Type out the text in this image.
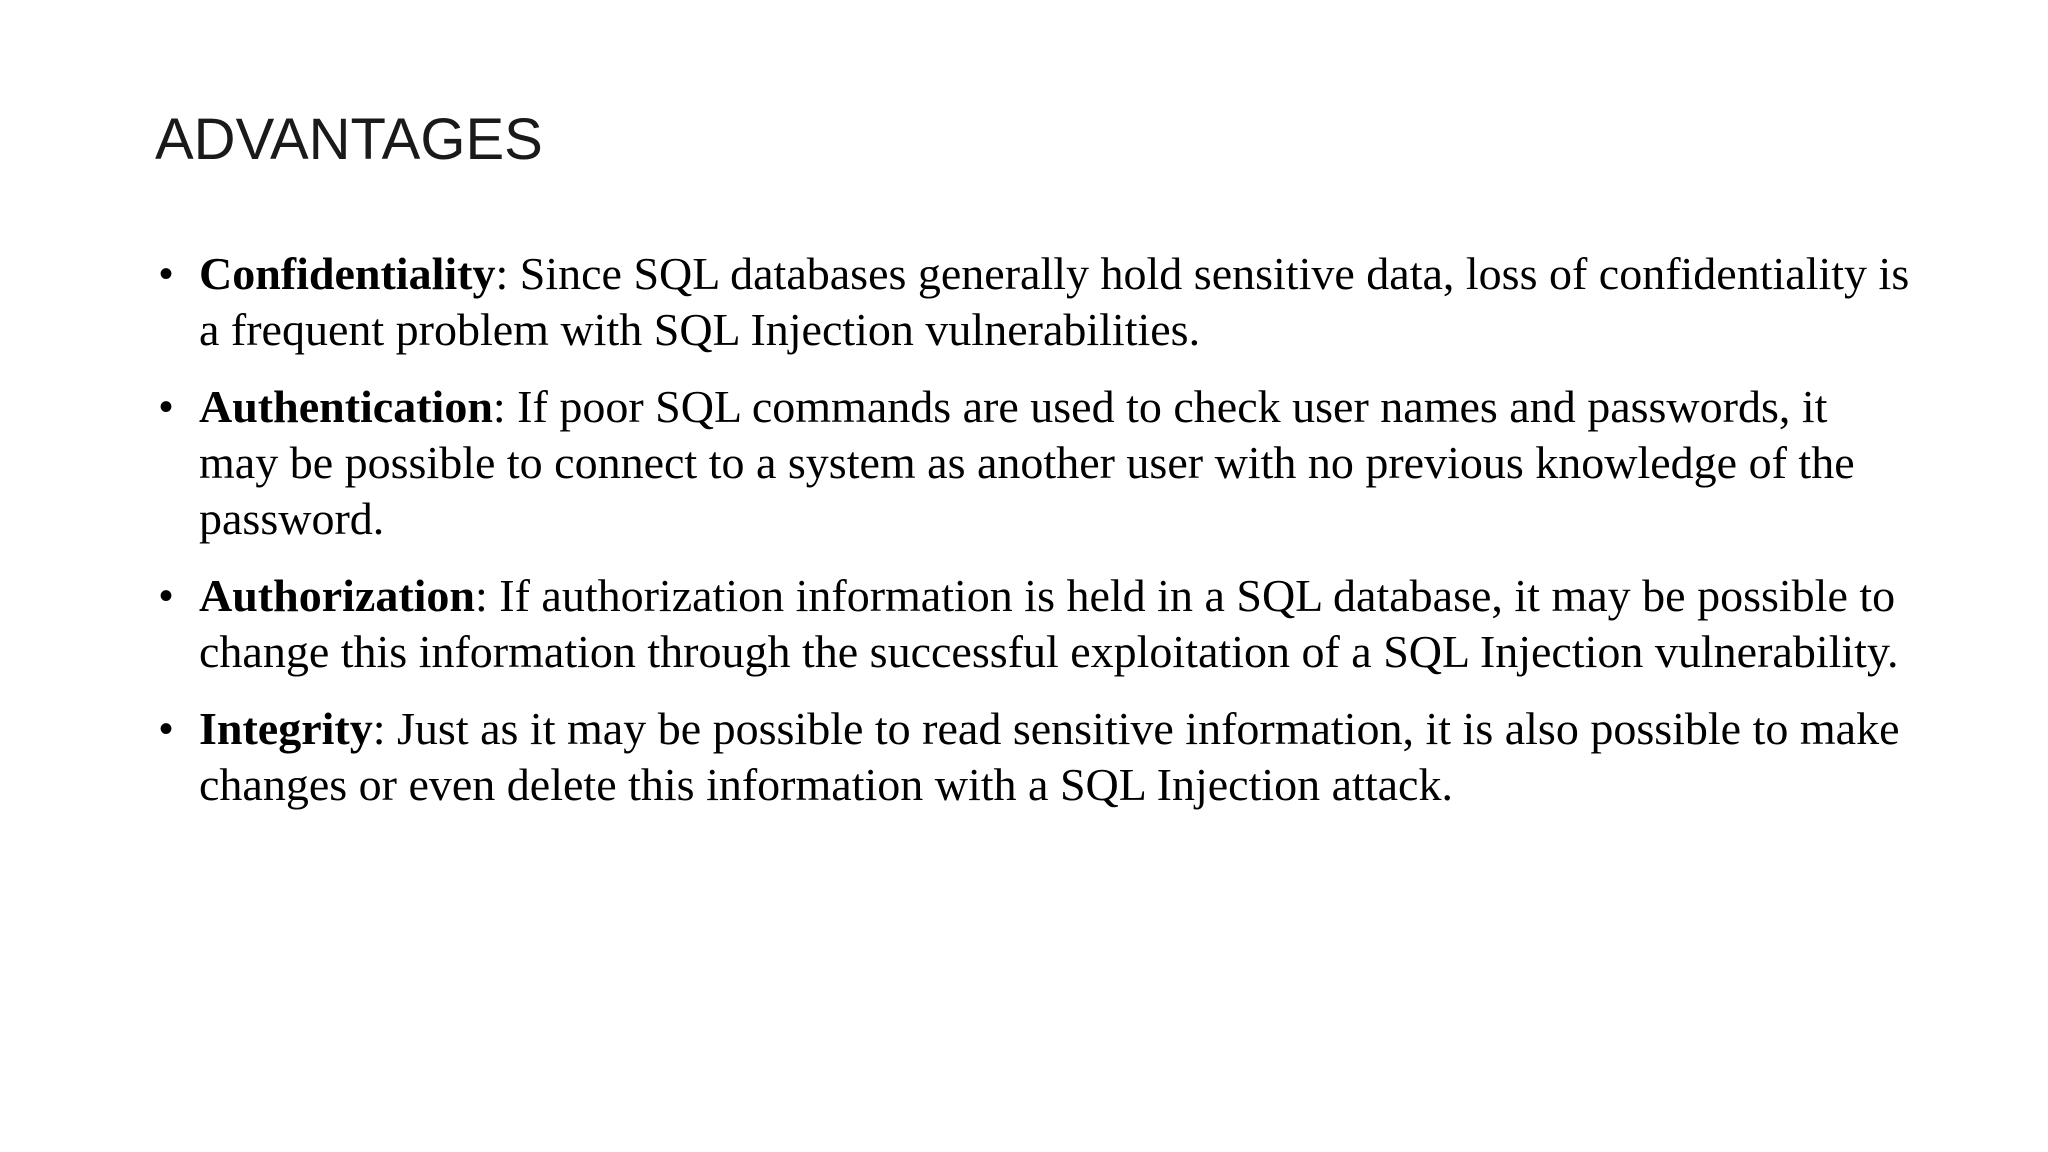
ADVANTAGES
• Confidentiality: Since SQL databases generally hold sensitive data, loss of confidentiality is a frequent problem with SQL Injection vulnerabilities.
• Authentication: If poor SQL commands are used to check user names and passwords, it may be possible to connect to a system as another user with no previous knowledge of the password.
• Authorization: If authorization information is held in a SQL database, it may be possible to change this information through the successful exploitation of a SQL Injection vulnerability.
• Integrity: Just as it may be possible to read sensitive information, it is also possible to make changes or even delete this information with a SQL Injection attack.
